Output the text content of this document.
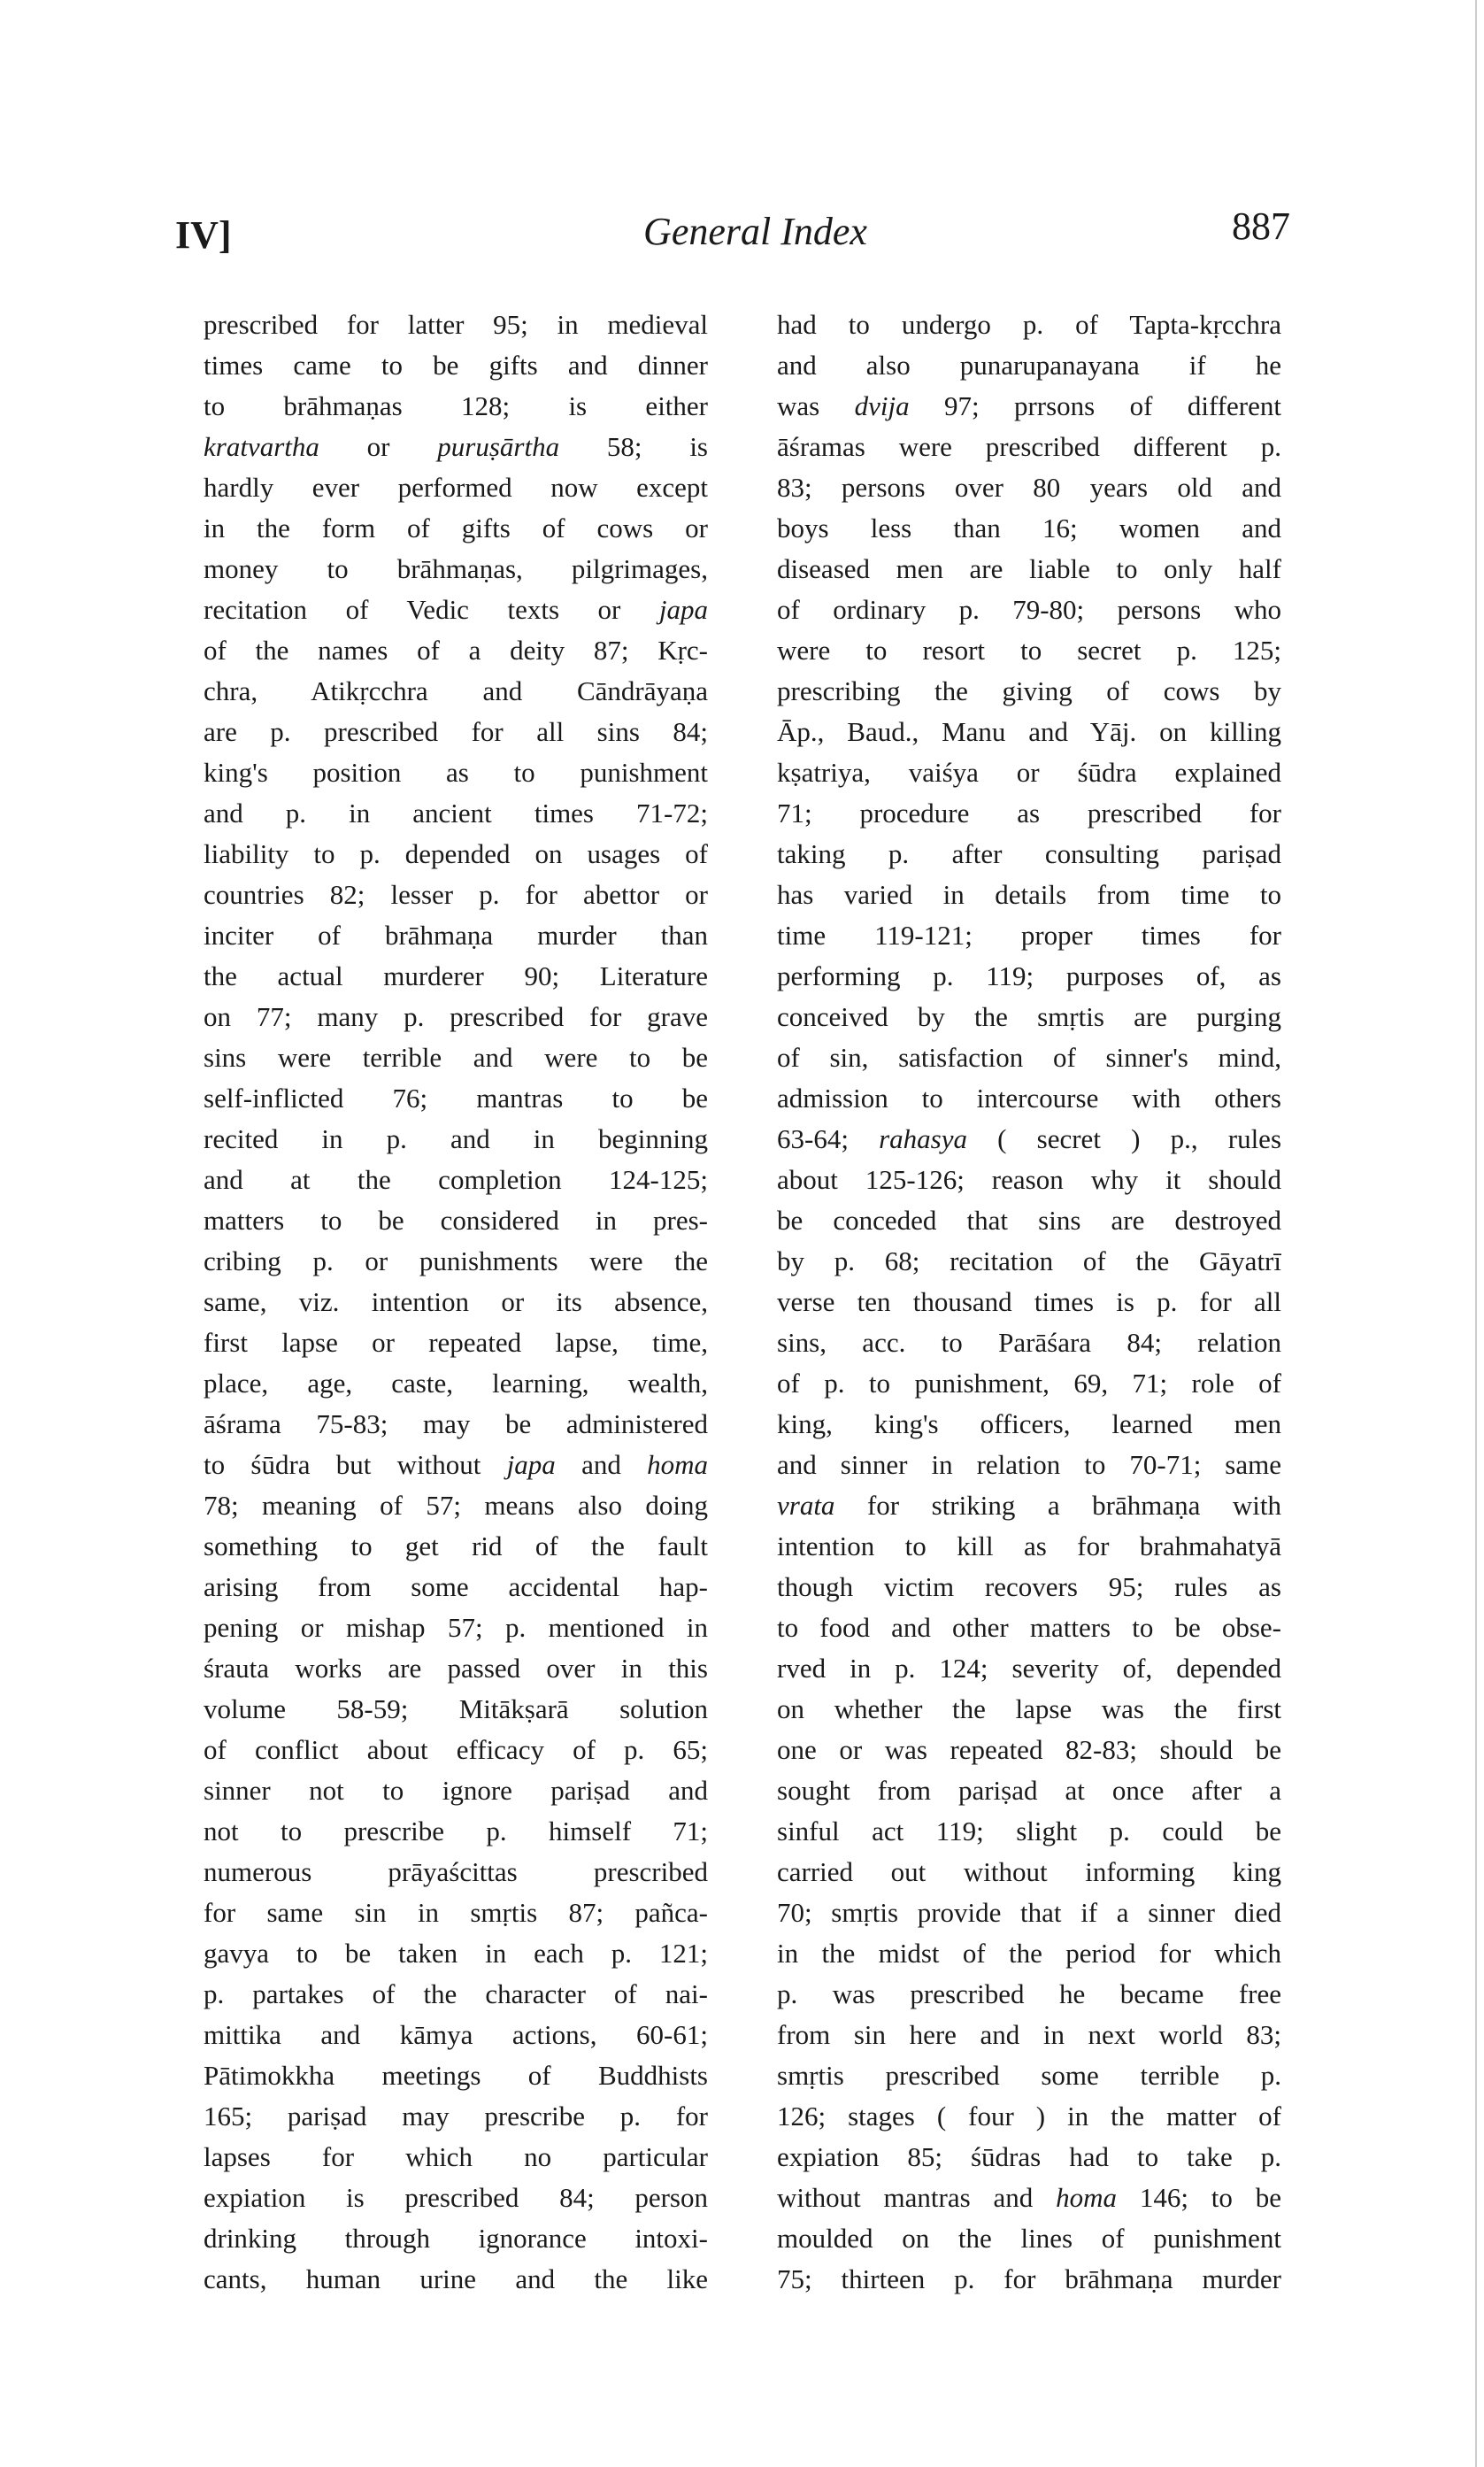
IV]	General Index	887
prescribed for latter 95; in medieval
times came to be gifts and dinner
to brāhmaṇas 128; is either
kratvartha or puruṣārtha 58; is
hardly ever performed now except
in the form of gifts of cows or
money to brāhmaṇas, pilgrimages,
recitation of Vedic texts or japa
of the names of a deity 87; Kṛc-
chra, Atikṛcchra and Cāndrāyaṇa
are p. prescribed for all sins 84;
king's position as to punishment
and p. in ancient times 71-72;
liability to p. depended on usages of
countries 82; lesser p. for abettor or
inciter of brāhmaṇa murder than
the actual murderer 90; Literature
on 77; many p. prescribed for grave
sins were terrible and were to be
self-inflicted 76; mantras to be
recited in p. and in beginning
and at the completion 124-125;
matters to be considered in pres-
cribing p. or punishments were the
same, viz. intention or its absence,
first lapse or repeated lapse, time,
place, age, caste, learning, wealth,
āśrama 75-83; may be administered
to śūdra but without japa and homa
78; meaning of 57; means also doing
something to get rid of the fault
arising from some accidental hap-
pening or mishap 57; p. mentioned in
śrauta works are passed over in this
volume 58-59; Mitākṣarā solution
of conflict about efficacy of p. 65;
sinner not to ignore pariṣad and
not to prescribe p. himself 71;
numerous prāyaścittas prescribed
for same sin in smṛtis 87; pañca-
gavya to be taken in each p. 121;
p. partakes of the character of nai-
mittika and kāmya actions, 60-61;
Pātimokkha meetings of Buddhists
165; pariṣad may prescribe p. for
lapses for which no particular
expiation is prescribed 84; person
drinking through ignorance intoxi-
cants, human urine and the like
had to undergo p. of Tapta-kṛcchra
and also punarupanayana if he
was dvija 97; prrsons of different
āśramas were prescribed different p.
83; persons over 80 years old and
boys less than 16; women and
diseased men are liable to only half
of ordinary p. 79-80; persons who
were to resort to secret p. 125;
prescribing the giving of cows by
Āp., Baud., Manu and Yāj. on killing
kṣatriya, vaiśya or śūdra explained
71; procedure as prescribed for
taking p. after consulting pariṣad
has varied in details from time to
time 119-121; proper times for
performing p. 119; purposes of, as
conceived by the smṛtis are purging
of sin, satisfaction of sinner's mind,
admission to intercourse with others
63-64; rahasya ( secret ) p., rules
about 125-126; reason why it should
be conceded that sins are destroyed
by p. 68; recitation of the Gāyatrī
verse ten thousand times is p. for all
sins, acc. to Parāśara 84; relation
of p. to punishment, 69, 71; role of
king, king's officers, learned men
and sinner in relation to 70-71; same
vrata for striking a brāhmaṇa with
intention to kill as for brahmahatyā
though victim recovers 95; rules as
to food and other matters to be obse-
rved in p. 124; severity of, depended
on whether the lapse was the first
one or was repeated 82-83; should be
sought from pariṣad at once after a
sinful act 119; slight p. could be
carried out without informing king
70; smṛtis provide that if a sinner died
in the midst of the period for which
p. was prescribed he became free
from sin here and in next world 83;
smṛtis prescribed some terrible p.
126; stages ( four ) in the matter of
expiation 85; śūdras had to take p.
without mantras and homa 146; to be
moulded on the lines of punishment
75; thirteen p. for brāhmaṇa murder
